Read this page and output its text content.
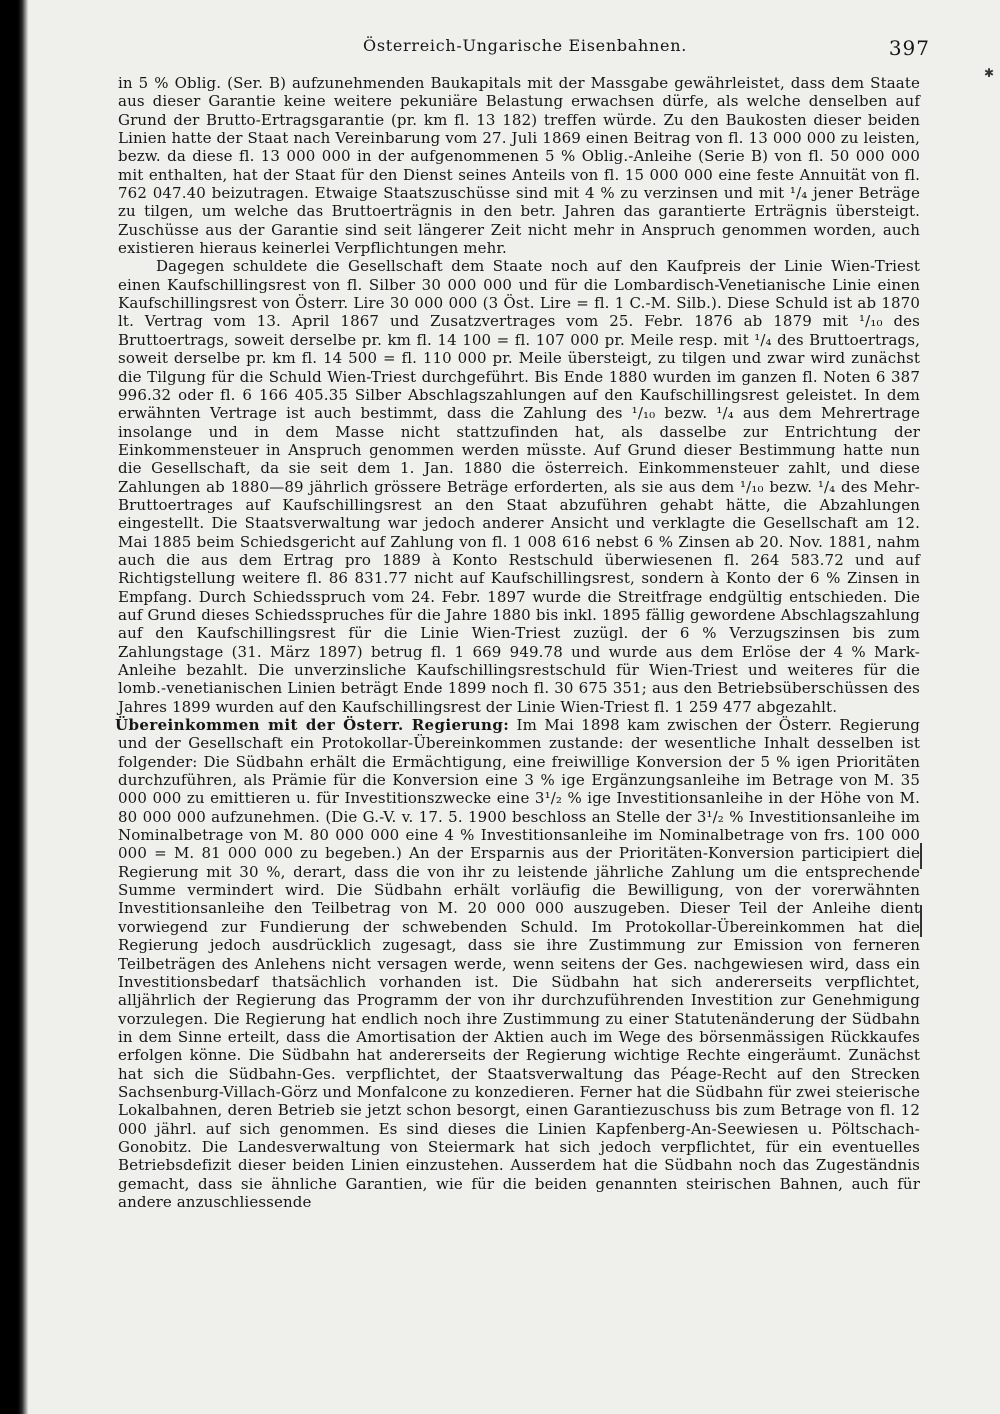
Österreich-Ungarische Eisenbahnen.	397
✱

in 5 % Oblig. (Ser. B) aufzunehmenden Baukapitals mit der Massgabe gewährleistet, dass dem Staate aus dieser Garantie keine weitere pekuniäre Belastung erwachsen dürfe, als welche denselben auf Grund der Brutto-Ertragsgarantie (pr. km fl. 13 182) treffen würde. Zu den Baukosten dieser beiden Linien hatte der Staat nach Vereinbarung vom 27. Juli 1869 einen Beitrag von fl. 13 000 000 zu leisten, bezw. da diese fl. 13 000 000 in der aufgenommenen 5 % Oblig.-Anleihe (Serie B) von fl. 50 000 000 mit enthalten, hat der Staat für den Dienst seines Anteils von fl. 15 000 000 eine feste Annuität von fl. 762 047.40 beizutragen. Etwaige Staatszuschüsse sind mit 4 % zu verzinsen und mit ¹/₄ jener Beträge zu tilgen, um welche das Bruttoerträgnis in den betr. Jahren das garantierte Erträgnis übersteigt. Zuschüsse aus der Garantie sind seit längerer Zeit nicht mehr in Anspruch genommen worden, auch existieren hieraus keinerlei Verpflichtungen mehr.

Dagegen schuldete die Gesellschaft dem Staate noch auf den Kaufpreis der Linie Wien-Triest einen Kaufschillingsrest von fl. Silber 30 000 000 und für die Lombardisch-Venetianische Linie einen Kaufschillingsrest von Österr. Lire 30 000 000 (3 Öst. Lire = fl. 1 C.-M. Silb.). Diese Schuld ist ab 1870 lt. Vertrag vom 13. April 1867 und Zusatzvertrages vom 25. Febr. 1876 ab 1879 mit ¹/₁₀ des Bruttoertrags, soweit derselbe pr. km fl. 14 100 = fl. 107 000 pr. Meile resp. mit ¹/₄ des Bruttoertrags, soweit derselbe pr. km fl. 14 500 = fl. 110 000 pr. Meile übersteigt, zu tilgen und zwar wird zunächst die Tilgung für die Schuld Wien-Triest durchgeführt. Bis Ende 1880 wurden im ganzen fl. Noten 6 387 996.32 oder fl. 6 166 405.35 Silber Abschlagszahlungen auf den Kaufschillingsrest geleistet. In dem erwähnten Vertrage ist auch bestimmt, dass die Zahlung des ¹/₁₀ bezw. ¹/₄ aus dem Mehrertrage insolange und in dem Masse nicht stattzufinden hat, als dasselbe zur Entrichtung der Einkommensteuer in Anspruch genommen werden müsste. Auf Grund dieser Bestimmung hatte nun die Gesellschaft, da sie seit dem 1. Jan. 1880 die österreich. Einkommensteuer zahlt, und diese Zahlungen ab 1880—89 jährlich grössere Beträge erforderten, als sie aus dem ¹/₁₀ bezw. ¹/₄ des Mehr-Bruttoertrages auf Kaufschillingsrest an den Staat abzuführen gehabt hätte, die Abzahlungen eingestellt. Die Staatsverwaltung war jedoch anderer Ansicht und verklagte die Gesellschaft am 12. Mai 1885 beim Schiedsgericht auf Zahlung von fl. 1 008 616 nebst 6 % Zinsen ab 20. Nov. 1881, nahm auch die aus dem Ertrag pro 1889 à Konto Restschuld überwiesenen fl. 264 583.72 und auf Richtigstellung weitere fl. 86 831.77 nicht auf Kaufschillingsrest, sondern à Konto der 6 % Zinsen in Empfang. Durch Schiedsspruch vom 24. Febr. 1897 wurde die Streitfrage endgültig entschieden. Die auf Grund dieses Schiedsspruches für die Jahre 1880 bis inkl. 1895 fällig gewordene Abschlagszahlung auf den Kaufschillingsrest für die Linie Wien-Triest zuzügl. der 6 % Verzugszinsen bis zum Zahlungstage (31. März 1897) betrug fl. 1 669 949.78 und wurde aus dem Erlöse der 4 % Mark-Anleihe bezahlt. Die unverzinsliche Kaufschillingsrestschuld für Wien-Triest und weiteres für die lomb.-venetianischen Linien beträgt Ende 1899 noch fl. 30 675 351; aus den Betriebsüberschüssen des Jahres 1899 wurden auf den Kaufschillingsrest der Linie Wien-Triest fl. 1 259 477 abgezahlt.

Übereinkommen mit der Österr. Regierung: Im Mai 1898 kam zwischen der Österr. Regierung und der Gesellschaft ein Protokollar-Übereinkommen zustande: der wesentliche Inhalt desselben ist folgender: Die Südbahn erhält die Ermächtigung, eine freiwillige Konversion der 5 % igen Prioritäten durchzuführen, als Prämie für die Konversion eine 3 % ige Ergänzungsanleihe im Betrage von M. 35 000 000 zu emittieren u. für Investitionszwecke eine 3¹/₂ % ige Investitionsanleihe in der Höhe von M. 80 000 000 aufzunehmen. (Die G.-V. v. 17. 5. 1900 beschloss an Stelle der 3¹/₂ % Investitionsanleihe im Nominalbetrage von M. 80 000 000 eine 4 % Investitionsanleihe im Nominalbetrage von frs. 100 000 000 = M. 81 000 000 zu begeben.) An der Ersparnis aus der Prioritäten-Konversion participiert die Regierung mit 30 %, derart, dass die von ihr zu leistende jährliche Zahlung um die entsprechende Summe vermindert wird. Die Südbahn erhält vorläufig die Bewilligung, von der vorerwähnten Investitionsanleihe den Teilbetrag von M. 20 000 000 auszugeben. Dieser Teil der Anleihe dient vorwiegend zur Fundierung der schwebenden Schuld. Im Protokollar-Übereinkommen hat die Regierung jedoch ausdrücklich zugesagt, dass sie ihre Zustimmung zur Emission von ferneren Teilbeträgen des Anlehens nicht versagen werde, wenn seitens der Ges. nachgewiesen wird, dass ein Investitionsbedarf thatsächlich vorhanden ist. Die Südbahn hat sich andererseits verpflichtet, alljährlich der Regierung das Programm der von ihr durchzuführenden Investition zur Genehmigung vorzulegen. Die Regierung hat endlich noch ihre Zustimmung zu einer Statutenänderung der Südbahn in dem Sinne erteilt, dass die Amortisation der Aktien auch im Wege des börsenmässigen Rückkaufes erfolgen könne. Die Südbahn hat andererseits der Regierung wichtige Rechte eingeräumt. Zunächst hat sich die Südbahn-Ges. verpflichtet, der Staatsverwaltung das Péage-Recht auf den Strecken Sachsenburg-Villach-Görz und Monfalcone zu konzedieren. Ferner hat die Südbahn für zwei steierische Lokalbahnen, deren Betrieb sie jetzt schon besorgt, einen Garantiezuschuss bis zum Betrage von fl. 12 000 jährl. auf sich genommen. Es sind dieses die Linien Kapfenberg-An-Seewiesen u. Pöltschach-Gonobitz. Die Landesverwaltung von Steiermark hat sich jedoch verpflichtet, für ein eventuelles Betriebsdefizit dieser beiden Linien einzustehen. Ausserdem hat die Südbahn noch das Zugeständnis gemacht, dass sie ähnliche Garantien, wie für die beiden genannten steirischen Bahnen, auch für andere anzuschliessende
